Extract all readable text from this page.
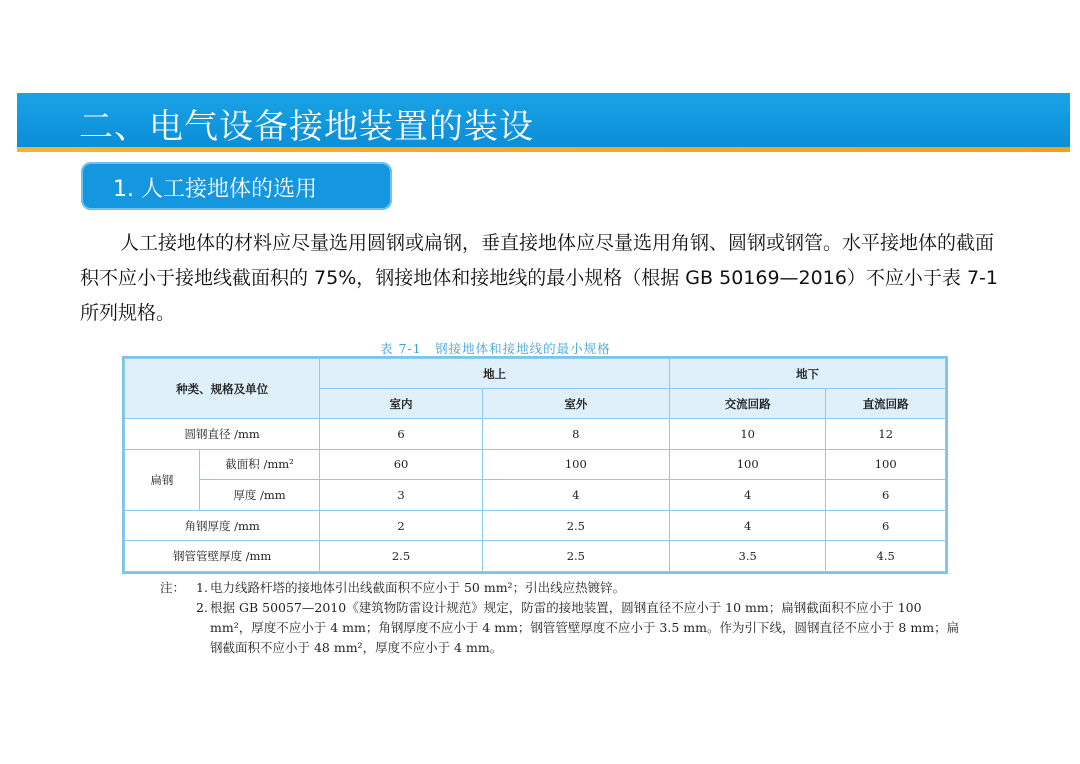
二、电气设备接地装置的装设
1. 人工接地体的选用

人工接地体的材料应尽量选用圆钢或扁钢，垂直接地体应尽量选用角钢、圆钢或钢管。水平接地体的截面积不应小于接地线截面积的 75%，钢接地体和接地线的最小规格（根据 GB 50169—2016）不应小于表 7-1 所列规格。

表 7-1　钢接地体和接地线的最小规格
种类、规格及单位		地上		地下	
		室内	室外	交流回路	直流回路
圆钢直径 /mm		6	8	10	12
扁钢	截面积 /mm²	60	100	100	100
	厚度 /mm	3	4	4	6
角钢厚度 /mm		2	2.5	4	6
钢管管壁厚度 /mm		2.5	2.5	3.5	4.5
注： 1. 电力线路杆塔的接地体引出线截面积不应小于 50 mm²；引出线应热镀锌。
2. 根据 GB 50057—2010《建筑物防雷设计规范》规定，防雷的接地装置，圆钢直径不应小于 10 mm；扁钢截面积不应小于 100 mm²，厚度不应小于 4 mm；角钢厚度不应小于 4 mm；钢管管壁厚度不应小于 3.5 mm。作为引下线，圆钢直径不应小于 8 mm；扁钢截面积不应小于 48 mm²，厚度不应小于 4 mm。
